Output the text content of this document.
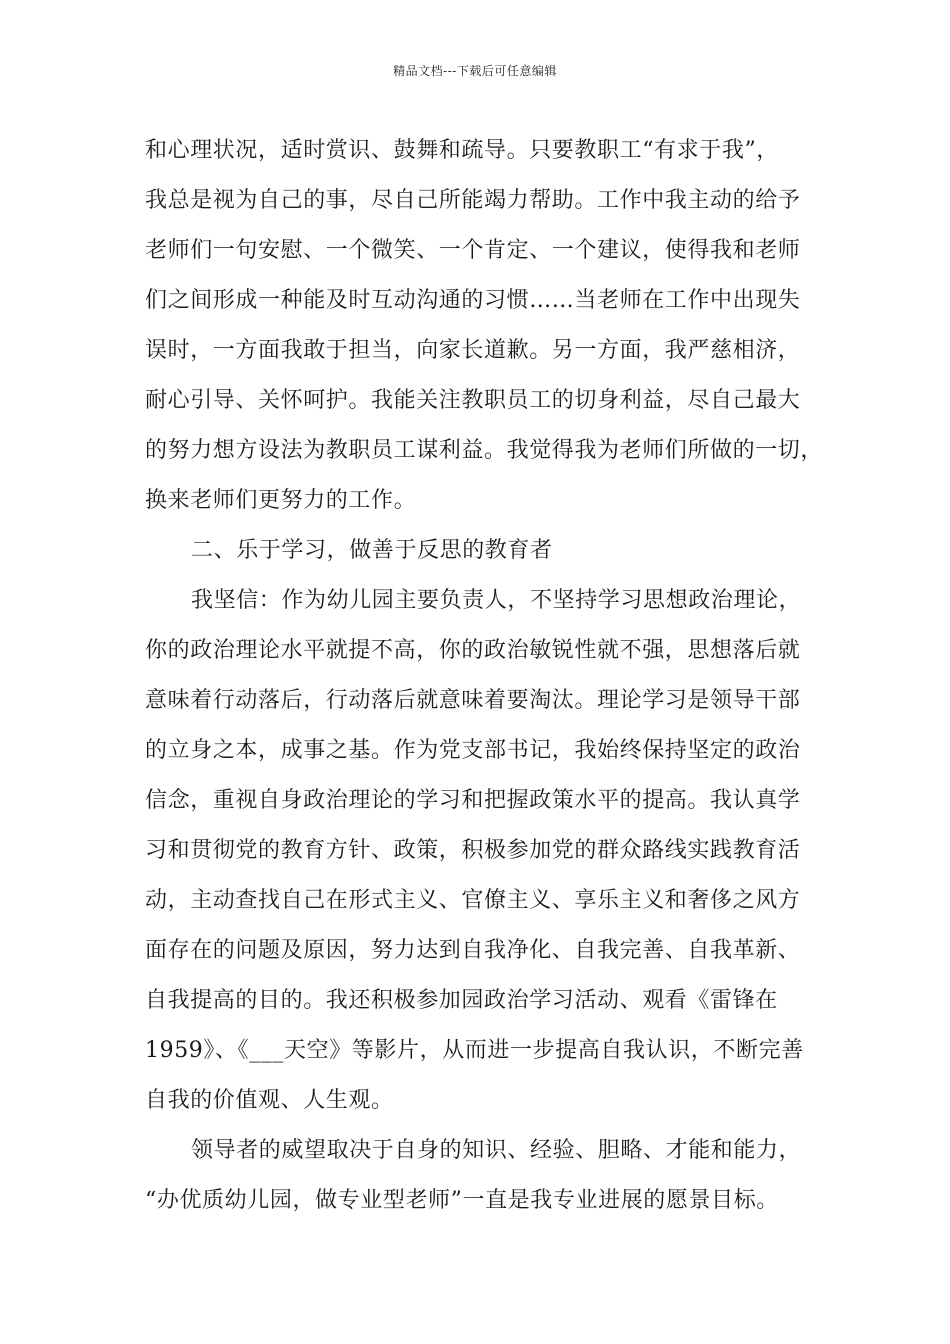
精品文档---下载后可任意编辑
和心理状况，适时赏识、鼓舞和疏导。只要教职工“有求于我”，
我总是视为自己的事，尽自己所能竭力帮助。工作中我主动的给予
老师们一句安慰、一个微笑、一个肯定、一个建议，使得我和老师
们之间形成一种能及时互动沟通的习惯……当老师在工作中出现失
误时，一方面我敢于担当，向家长道歉。另一方面，我严慈相济，
耐心引导、关怀呵护。我能关注教职员工的切身利益，尽自己最大
的努力想方设法为教职员工谋利益。我觉得我为老师们所做的一切，
换来老师们更努力的工作。
二、乐于学习，做善于反思的教育者
我坚信：作为幼儿园主要负责人，不坚持学习思想政治理论，
你的政治理论水平就提不高，你的政治敏锐性就不强，思想落后就
意味着行动落后，行动落后就意味着要淘汰。理论学习是领导干部
的立身之本，成事之基。作为党支部书记，我始终保持坚定的政治
信念，重视自身政治理论的学习和把握政策水平的提高。我认真学
习和贯彻党的教育方针、政策，积极参加党的群众路线实践教育活
动，主动查找自己在形式主义、官僚主义、享乐主义和奢侈之风方
面存在的问题及原因，努力达到自我净化、自我完善、自我革新、
自我提高的目的。我还积极参加园政治学习活动、观看《雷锋在
1959》、《___天空》等影片，从而进一步提高自我认识，不断完善
自我的价值观、人生观。
领导者的威望取决于自身的知识、经验、胆略、才能和能力，
“办优质幼儿园，做专业型老师”一直是我专业进展的愿景目标。
